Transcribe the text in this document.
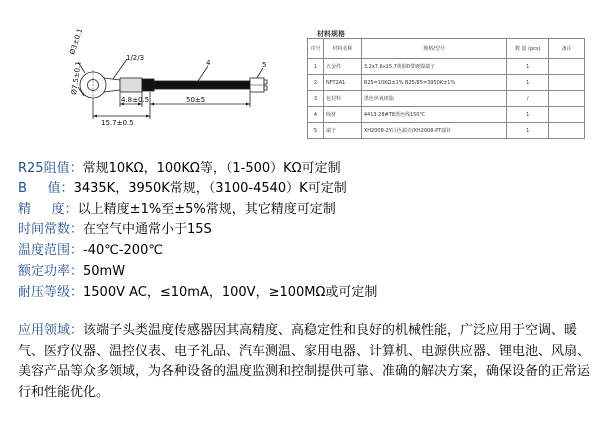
Ø3±0.1
Ø7.5±0.1
1/2/3
4	5
4.8±0.5	50±5
15.7±0.5
材料规格
序号	材料名称	规格/型号	数 量 (pcs)	备注
1	五金件	3.2x7.6x15.7黄铜0带镀镍端子	1	
2	NFT2A1	R25=10KΩ±1% B25/85=3950K±1%	1	
3	包封料	黑色环氧树脂	/	
4	线材	4413 28#T8黑色线150℃	1	
5	端子	XH2008-2Y白色端壳/XH2008-PT端针	1	
R25阻值：常规10KΩ，100KΩ等，（1-500）KΩ可定制
B     值：3435K，3950K常规，（3100-4540）K可定制
精     度：以上精度±1%至±5%常规，其它精度可定制
时间常数：在空气中通常小于15S
温度范围：-40℃-200℃
额定功率：50mW
耐压等级：1500V AC，≤10mA，100V，≥100MΩ或可定制
应用领域：该端子头类温度传感器因其高精度、高稳定性和良好的机械性能，广泛应用于空调、暖气、医疗仪器、温控仪表、电子礼品、汽车测温、家用电器、计算机、电源供应器、锂电池、风扇、美容产品等众多领域，为各种设备的温度监测和控制提供可靠、准确的解决方案，确保设备的正常运行和性能优化。
